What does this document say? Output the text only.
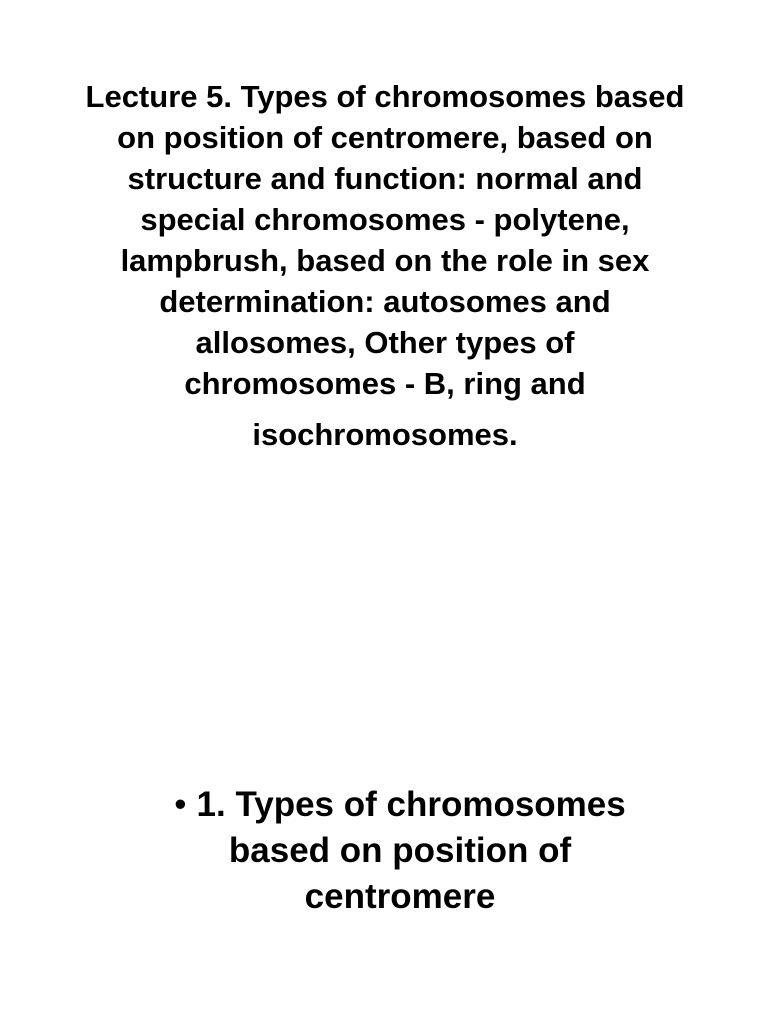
Lecture 5. Types of chromosomes based
on position of centromere, based on
structure and function: normal and
special chromosomes - polytene,
lampbrush, based on the role in sex
determination: autosomes and
allosomes, Other types of
chromosomes - B, ring and
isochromosomes.
• 1. Types of chromosomes
based on position of
centromere
